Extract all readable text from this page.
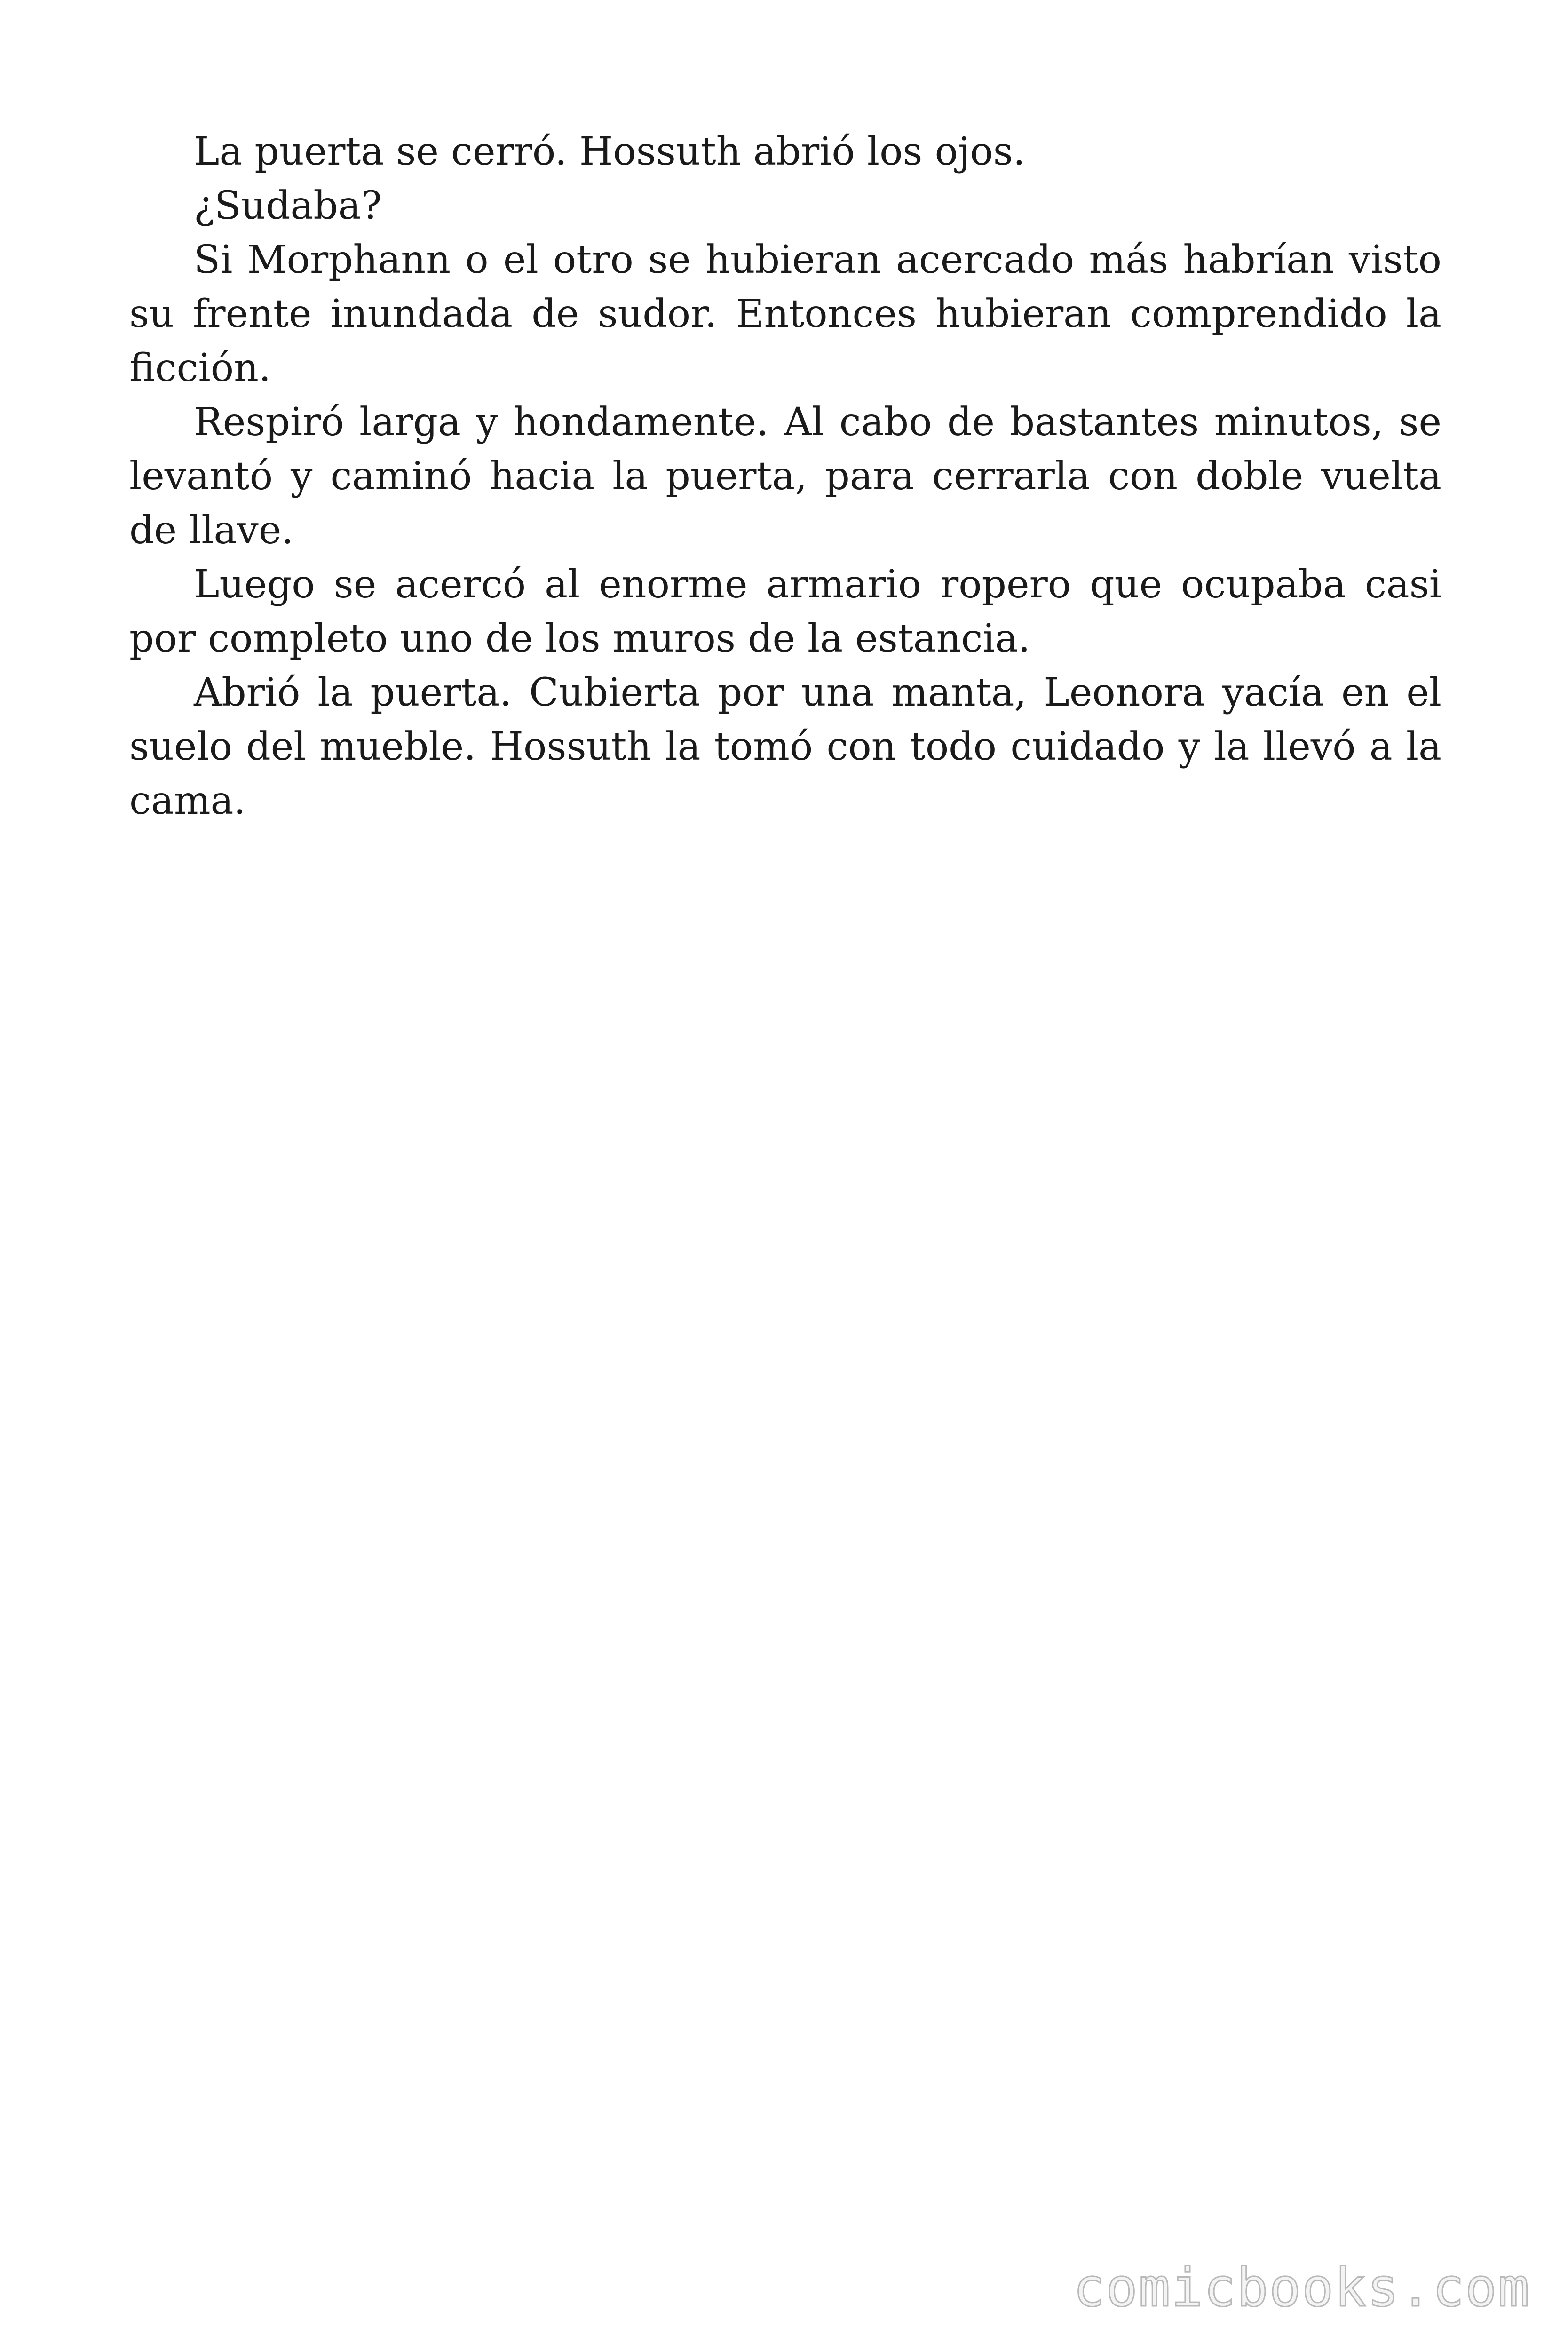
La puerta se cerró. Hossuth abrió los ojos.

¿Sudaba?

Si Morphann o el otro se hubieran acercado más habrían visto su frente inundada de sudor. Entonces hubieran comprendido la ficción.

Respiró larga y hondamente. Al cabo de bastantes minutos, se levantó y caminó hacia la puerta, para cerrarla con doble vuelta de llave.

Luego se acercó al enorme armario ropero que ocupaba casi por completo uno de los muros de la estancia.

Abrió la puerta. Cubierta por una manta, Leonora yacía en el suelo del mueble. Hossuth la tomó con todo cuidado y la llevó a la cama.

comicbooks.com
